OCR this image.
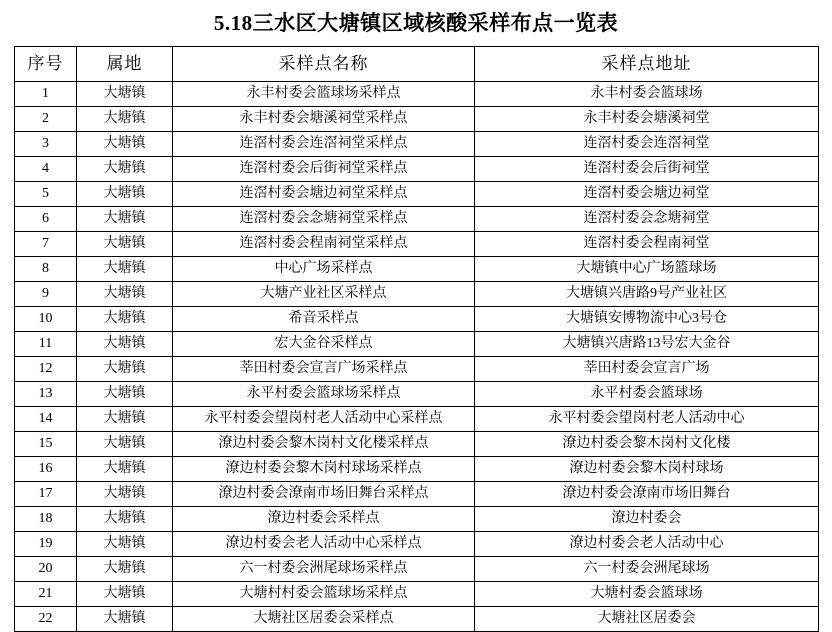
5.18三水区大塘镇区域核酸采样布点一览表
序号	属地	采样点名称	采样点地址
1	大塘镇	永丰村委会篮球场采样点	永丰村委会篮球场
2	大塘镇	永丰村委会塘溪祠堂采样点	永丰村委会塘溪祠堂
3	大塘镇	连滘村委会连滘祠堂采样点	连滘村委会连滘祠堂
4	大塘镇	连滘村委会后街祠堂采样点	连滘村委会后街祠堂
5	大塘镇	连滘村委会塘边祠堂采样点	连滘村委会塘边祠堂
6	大塘镇	连滘村委会念塘祠堂采样点	连滘村委会念塘祠堂
7	大塘镇	连滘村委会程南祠堂采样点	连滘村委会程南祠堂
8	大塘镇	中心广场采样点	大塘镇中心广场篮球场
9	大塘镇	大塘产业社区采样点	大塘镇兴唐路9号产业社区
10	大塘镇	希音采样点	大塘镇安博物流中心3号仓
11	大塘镇	宏大金谷采样点	大塘镇兴唐路13号宏大金谷
12	大塘镇	莘田村委会宣言广场采样点	莘田村委会宣言广场
13	大塘镇	永平村委会篮球场采样点	永平村委会篮球场
14	大塘镇	永平村委会望岗村老人活动中心采样点	永平村委会望岗村老人活动中心
15	大塘镇	潦边村委会黎木岗村文化楼采样点	潦边村委会黎木岗村文化楼
16	大塘镇	潦边村委会黎木岗村球场采样点	潦边村委会黎木岗村球场
17	大塘镇	潦边村委会潦南市场旧舞台采样点	潦边村委会潦南市场旧舞台
18	大塘镇	潦边村委会采样点	潦边村委会
19	大塘镇	潦边村委会老人活动中心采样点	潦边村委会老人活动中心
20	大塘镇	六一村委会洲尾球场采样点	六一村委会洲尾球场
21	大塘镇	大塘村村委会篮球场采样点	大塘村委会篮球场
22	大塘镇	大塘社区居委会采样点	大塘社区居委会
